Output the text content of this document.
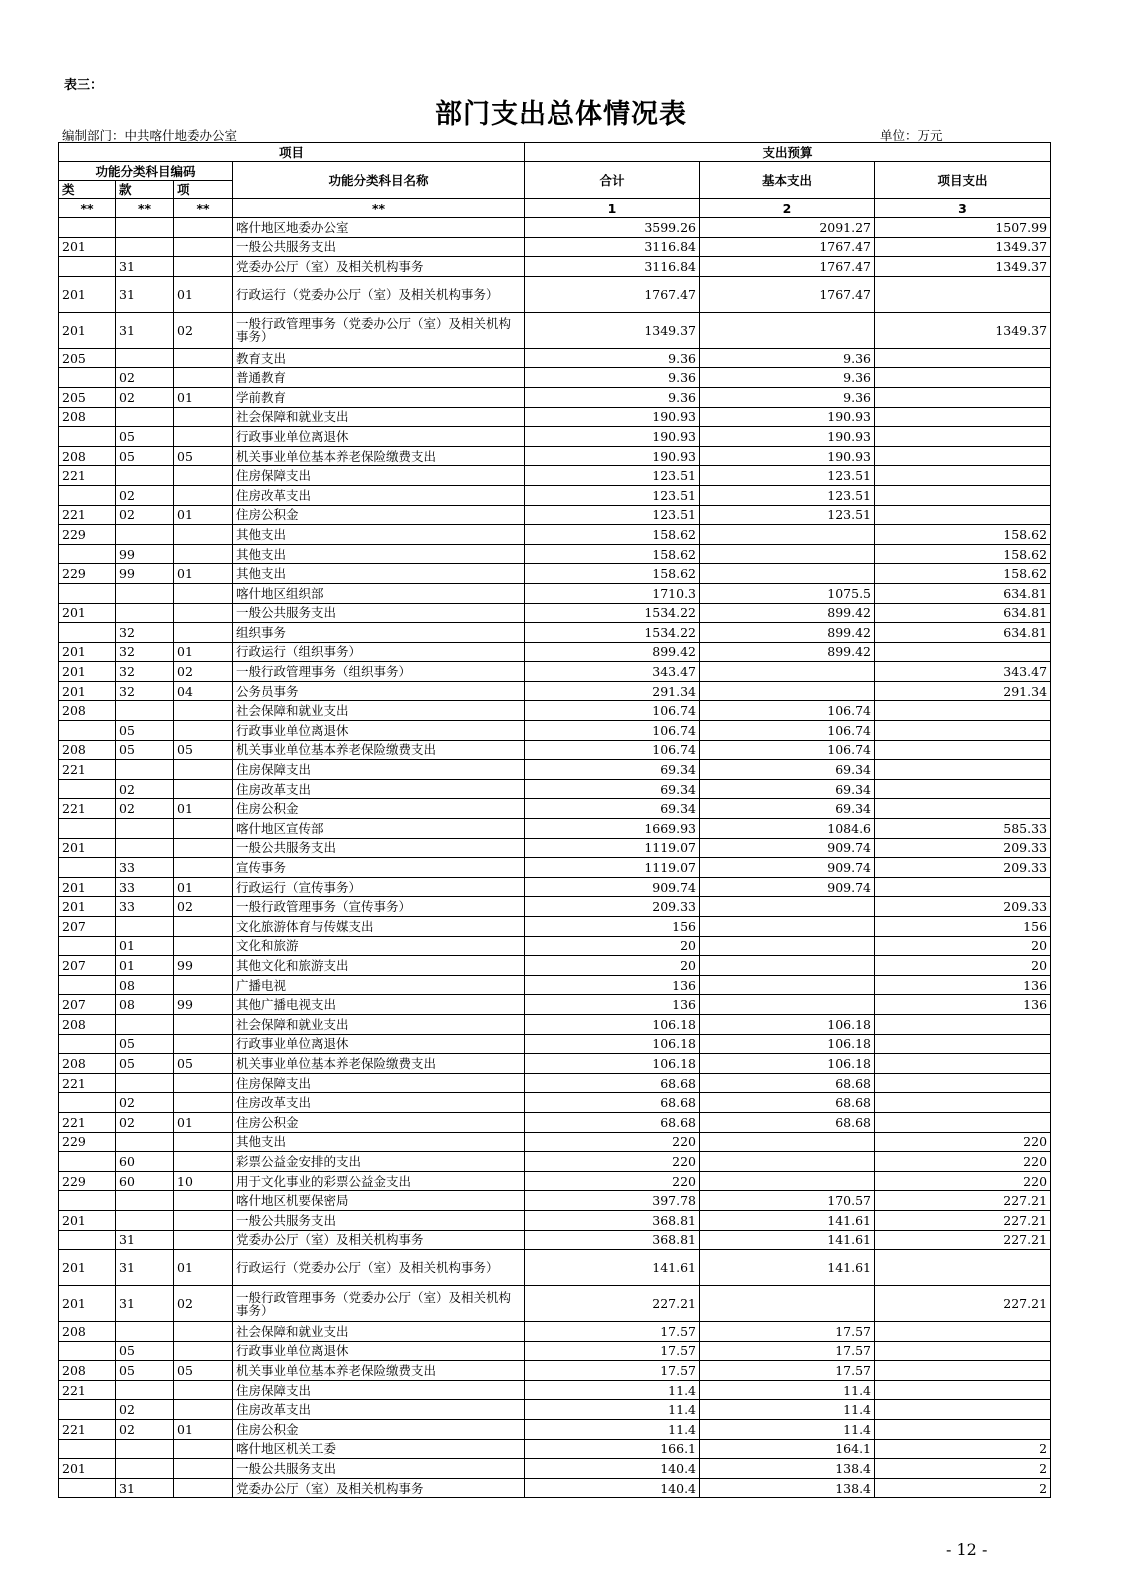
表三：
部门支出总体情况表
编制部门：中共喀什地委办公室	单位：万元
项目				支出预算		
功能分类科目编码			功能分类科目名称	合计	基本支出	项目支出
类	款	项				
**	**	**	**	1	2	3
			喀什地区地委办公室	3599.26	2091.27	1507.99
201			一般公共服务支出	3116.84	1767.47	1349.37
	31		党委办公厅（室）及相关机构事务	3116.84	1767.47	1349.37
201	31	01	行政运行（党委办公厅（室）及相关机构事务）	1767.47	1767.47	
201	31	02	一般行政管理事务（党委办公厅（室）及相关机构事务）	1349.37		1349.37
205			教育支出	9.36	9.36	
	02		普通教育	9.36	9.36	
205	02	01	学前教育	9.36	9.36	
208			社会保障和就业支出	190.93	190.93	
	05		行政事业单位离退休	190.93	190.93	
208	05	05	机关事业单位基本养老保险缴费支出	190.93	190.93	
221			住房保障支出	123.51	123.51	
	02		住房改革支出	123.51	123.51	
221	02	01	住房公积金	123.51	123.51	
229			其他支出	158.62		158.62
	99		其他支出	158.62		158.62
229	99	01	其他支出	158.62		158.62
			喀什地区组织部	1710.3	1075.5	634.81
201			一般公共服务支出	1534.22	899.42	634.81
	32		组织事务	1534.22	899.42	634.81
201	32	01	行政运行（组织事务）	899.42	899.42	
201	32	02	一般行政管理事务（组织事务）	343.47		343.47
201	32	04	公务员事务	291.34		291.34
208			社会保障和就业支出	106.74	106.74	
	05		行政事业单位离退休	106.74	106.74	
208	05	05	机关事业单位基本养老保险缴费支出	106.74	106.74	
221			住房保障支出	69.34	69.34	
	02		住房改革支出	69.34	69.34	
221	02	01	住房公积金	69.34	69.34	
			喀什地区宣传部	1669.93	1084.6	585.33
201			一般公共服务支出	1119.07	909.74	209.33
	33		宣传事务	1119.07	909.74	209.33
201	33	01	行政运行（宣传事务）	909.74	909.74	
201	33	02	一般行政管理事务（宣传事务）	209.33		209.33
207			文化旅游体育与传媒支出	156		156
	01		文化和旅游	20		20
207	01	99	其他文化和旅游支出	20		20
	08		广播电视	136		136
207	08	99	其他广播电视支出	136		136
208			社会保障和就业支出	106.18	106.18	
	05		行政事业单位离退休	106.18	106.18	
208	05	05	机关事业单位基本养老保险缴费支出	106.18	106.18	
221			住房保障支出	68.68	68.68	
	02		住房改革支出	68.68	68.68	
221	02	01	住房公积金	68.68	68.68	
229			其他支出	220		220
	60		彩票公益金安排的支出	220		220
229	60	10	用于文化事业的彩票公益金支出	220		220
			喀什地区机要保密局	397.78	170.57	227.21
201			一般公共服务支出	368.81	141.61	227.21
	31		党委办公厅（室）及相关机构事务	368.81	141.61	227.21
201	31	01	行政运行（党委办公厅（室）及相关机构事务）	141.61	141.61	
201	31	02	一般行政管理事务（党委办公厅（室）及相关机构事务）	227.21		227.21
208			社会保障和就业支出	17.57	17.57	
	05		行政事业单位离退休	17.57	17.57	
208	05	05	机关事业单位基本养老保险缴费支出	17.57	17.57	
221			住房保障支出	11.4	11.4	
	02		住房改革支出	11.4	11.4	
221	02	01	住房公积金	11.4	11.4	
			喀什地区机关工委	166.1	164.1	2
201			一般公共服务支出	140.4	138.4	2
	31		党委办公厅（室）及相关机构事务	140.4	138.4	2
- 12 -
